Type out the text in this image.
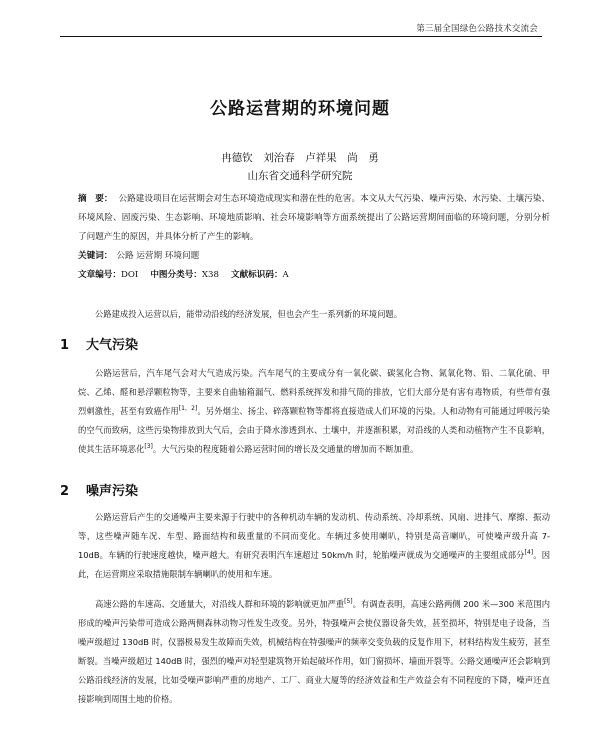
第三届全国绿色公路技术交流会
公路运营期的环境问题
冉德钦　刘治春　卢祥果　尚　勇
山东省交通科学研究院

摘　要： 公路建设项目在运营期会对生态环境造成现实和潜在性的危害。本文从大气污染、噪声污染、水污染、土壤污染、环境风险、固废污染、生态影响、环境地质影响、社会环境影响等方面系统提出了公路运营期间面临的环境问题，分别分析了问题产生的原因，并具体分析了产生的影响。

关键词： 公路 运营期 环境问题

文章编号：DOI 中图分类号：X38 文献标识码：A

公路建成投入运营以后，能带动沿线的经济发展，但也会产生一系列新的环境问题。

1 大气污染

公路运营后，汽车尾气会对大气造成污染。汽车尾气的主要成分有一氧化碳、碳氢化合物、氮氧化物、铅、二氧化硫、甲烷、乙烯、醛和悬浮颗粒物等，主要来自曲轴箱漏气、燃料系统挥发和排气筒的排放，它们大部分是有害有毒物质，有些带有强烈刺激性，甚至有致癌作用[1，2]。另外烟尘、扬尘、碎落颗粒物等都将直接造成人们环境的污染。人和动物有可能通过呼吸污染的空气而致病，这些污染物排放到大气后，会由于降水渗透到水、土壤中，并逐渐积累，对沿线的人类和动植物产生不良影响，使其生活环境恶化[3]。大气污染的程度随着公路运营时间的增长及交通量的增加而不断加重。

2 噪声污染

公路运营后产生的交通噪声主要来源于行驶中的各种机动车辆的发动机、传动系统、冷却系统、风扇、进排气、摩擦、振动等，这些噪声随车况、车型、路面结构和载重量的不同而变化。车辆过多使用喇叭，特别是高音喇叭，可使噪声级升高 7-10dB。车辆的行驶速度越快，噪声越大。有研究表明汽车速超过 50km/h 时，轮胎噪声就成为交通噪声的主要组成部分[4]。因此，在运营期应采取措施限制车辆喇叭的使用和车速。

高速公路的车速高、交通量大，对沿线人群和环境的影响就更加严重[5]。有调查表明，高速公路两侧 200 米—300 米范围内形成的噪声污染带可造成公路两侧森林动物习性发生改变。另外，特强噪声会使仪器设备失效，甚至损坏，特别是电子设备，当噪声级超过 130dB 时，仪器极易发生故障而失效，机械结构在特强噪声的频率交变负载的反复作用下，材料结构发生疲劳，甚至断裂。当噪声级超过 140dB 时，强烈的噪声对轻型建筑物开始起破坏作用，如门窗损坏、墙面开裂等。公路交通噪声还会影响到公路沿线经济的发展，比如受噪声影响严重的房地产、工厂、商业大厦等的经济效益和生产效益会有不同程度的下降，噪声还直接影响到周围土地的价格。
